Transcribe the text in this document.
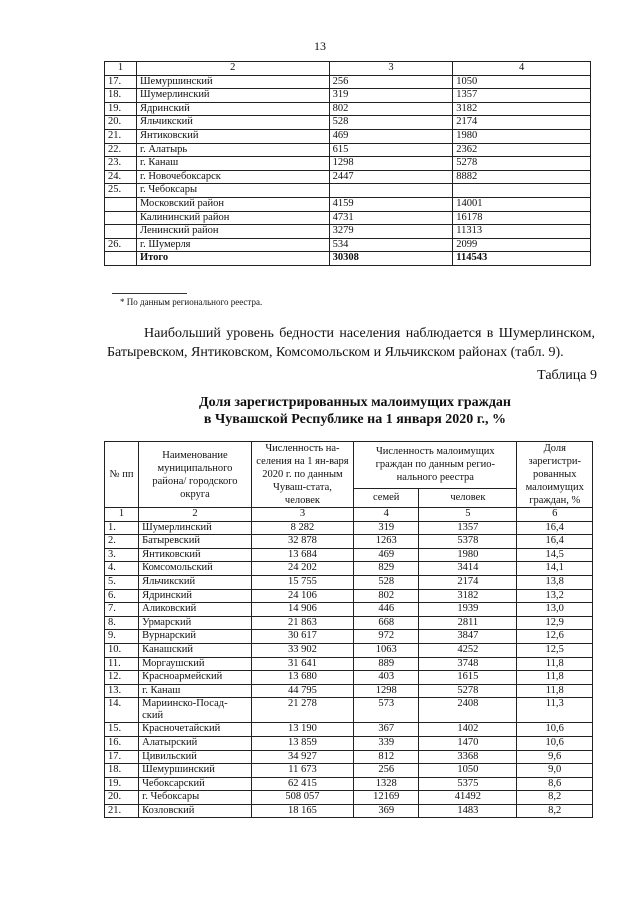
13
1	2	3	4
17.	Шемуршинский	256	1050
18.	Шумерлинский	319	1357
19.	Ядринский	802	3182
20.	Яльчикский	528	2174
21.	Янтиковский	469	1980
22.	г. Алатырь	615	2362
23.	г. Канаш	1298	5278
24.	г. Новочебоксарск	2447	8882
25.	г. Чебоксары		
	Московский район	4159	14001
	Калининский район	4731	16178
	Ленинский район	3279	11313
26.	г. Шумерля	534	2099
	Итого	30308	114543
* По данным регионального реестра.
Наибольший уровень бедности населения наблюдается в Шумерлинском, Батыревском, Янтиковском, Комсомольском и Яльчикском районах (табл. 9).
Таблица 9
Доля зарегистрированных малоимущих граждан
в Чувашской Республике на 1 января 2020 г., %
№ пп	Наименование муниципального района/ городского округа	Численность на-селения на 1 ян-варя 2020 г. по данным Чуваш-стата, человек	Численность малоимущих граждан по данным регио-нального реестра		Доля зарегистри-рованных малоимущих граждан, %
			семей	человек	
1	2	3	4	5	6
1.	Шумерлинский	8 282	319	1357	16,4
2.	Батыревский	32 878	1263	5378	16,4
3.	Янтиковский	13 684	469	1980	14,5
4.	Комсомольский	24 202	829	3414	14,1
5.	Яльчикский	15 755	528	2174	13,8
6.	Ядринский	24 106	802	3182	13,2
7.	Аликовский	14 906	446	1939	13,0
8.	Урмарский	21 863	668	2811	12,9
9.	Вурнарский	30 617	972	3847	12,6
10.	Канашский	33 902	1063	4252	12,5
11.	Моргаушский	31 641	889	3748	11,8
12.	Красноармейский	13 680	403	1615	11,8
13.	г. Канаш	44 795	1298	5278	11,8
14.	Мариинско-Посад-ский	21 278	573	2408	11,3
15.	Красночетайский	13 190	367	1402	10,6
16.	Алатырский	13 859	339	1470	10,6
17.	Цивильский	34 927	812	3368	9,6
18.	Шемуршинский	11 673	256	1050	9,0
19.	Чебоксарский	62 415	1328	5375	8,6
20.	г. Чебоксары	508 057	12169	41492	8,2
21.	Козловский	18 165	369	1483	8,2
